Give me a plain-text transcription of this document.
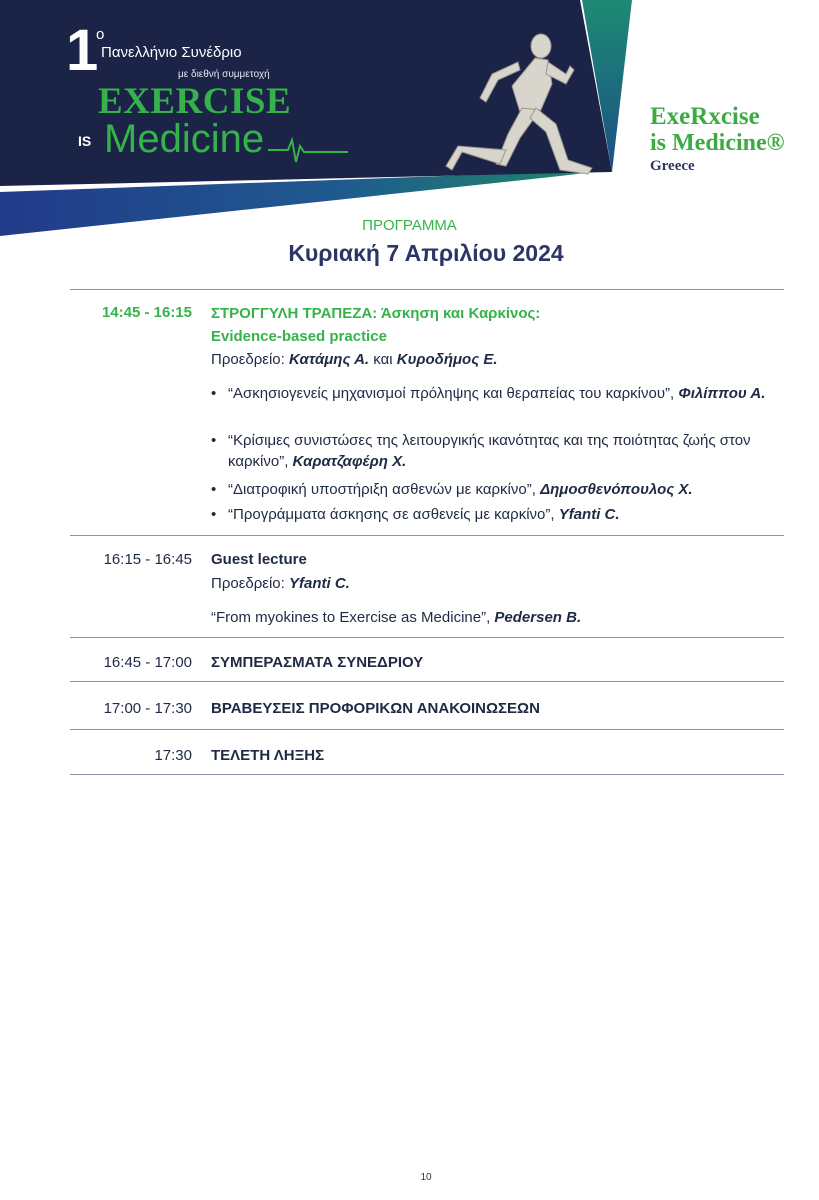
1
ο
Πανελλήνιο Συνέδριο
με διεθνή συμμετοχή
EXERCISE
IS Medicine
ExeRxcise
is Medicine®
Greece
ΠΡΟΓΡΑΜΜΑ
Κυριακή 7 Απριλίου 2024
14:45 - 16:15 ΣΤΡΟΓΓΥΛΗ ΤΡΑΠΕΖΑ: Άσκηση και Καρκίνος:
Evidence-based practice
Προεδρείο: Κατάμης Α. και Κυροδήμος Ε.
• “Ασκησιογενείς μηχανισμοί πρόληψης και θεραπείας του καρκίνου”, Φιλίππου Α.
• “Κρίσιμες συνιστώσες της λειτουργικής ικανότητας και της ποιότητας ζωής στον καρκίνο”, Καρατζαφέρη Χ.
• “Διατροφική υποστήριξη ασθενών με καρκίνο”, Δημοσθενόπουλος Χ.
• “Προγράμματα άσκησης σε ασθενείς με καρκίνο”, Yfanti C.
16:15 - 16:45 Guest lecture
Προεδρείο: Yfanti C.
“From myokines to Exercise as Medicine”, Pedersen B.
16:45 - 17:00 ΣΥΜΠΕΡΑΣΜΑΤΑ ΣΥΝΕΔΡΙΟΥ
17:00 - 17:30 ΒΡΑΒΕΥΣΕΙΣ ΠΡΟΦΟΡΙΚΩΝ ΑΝΑΚΟΙΝΩΣΕΩΝ
17:30 ΤΕΛΕΤΗ ΛΗΞΗΣ
10
